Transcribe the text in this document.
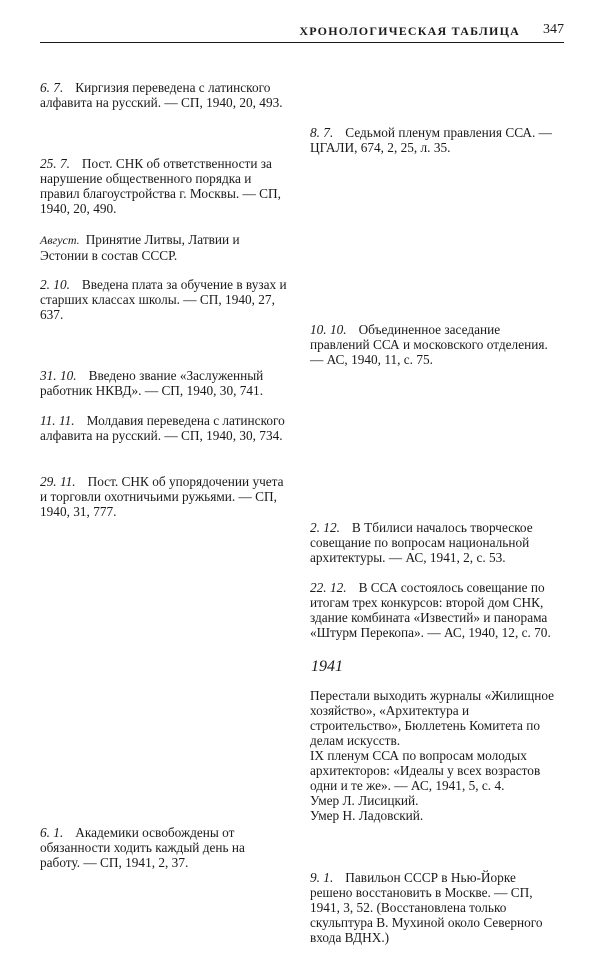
ХРОНОЛОГИЧЕСКАЯ ТАБЛИЦА 347
6. 7. Киргизия переведена с латинского алфавита на русский. — СП, 1940, 20, 493.
25. 7. Пост. СНК об ответственности за нарушение общественного порядка и правил благоустройства г. Москвы. — СП, 1940, 20, 490.
Август. Принятие Литвы, Латвии и Эстонии в состав СССР.
2. 10. Введена плата за обучение в вузах и старших классах школы. — СП, 1940, 27, 637.
31. 10. Введено звание «Заслуженный работник НКВД». — СП, 1940, 30, 741.
11. 11. Молдавия переведена с латинского алфавита на русский. — СП, 1940, 30, 734.
29. 11. Пост. СНК об упорядочении учета и торговли охотничьими ружьями. — СП, 1940, 31, 777.
6. 1. Академики освобождены от обязанности ходить каждый день на работу. — СП, 1941, 2, 37.
8. 7. Седьмой пленум правления ССА. — ЦГАЛИ, 674, 2, 25, л. 35.
10. 10. Объединенное заседание правлений ССА и московского отделения. — АС, 1940, 11, с. 75.
2. 12. В Тбилиси началось творческое совещание по вопросам национальной архитектуры. — АС, 1941, 2, с. 53.
22. 12. В ССА состоялось совещание по итогам трех конкурсов: второй дом СНК, здание комбината «Известий» и панорама «Штурм Перекопа». — АС, 1940, 12, с. 70.
1941
Перестали выходить журналы «Жилищное хозяйство», «Архитектура и строительство», Бюллетень Комитета по делам искусств.
IX пленум ССА по вопросам молодых архитекторов: «Идеалы у всех возрастов одни и те же». — АС, 1941, 5, с. 4.
Умер Л. Лисицкий.
Умер Н. Ладовский.
9. 1. Павильон СССР в Нью-Йорке решено восстановить в Москве. — СП, 1941, 3, 52. (Восстановлена только скульптура В. Мухиной около Северного входа ВДНХ.)
